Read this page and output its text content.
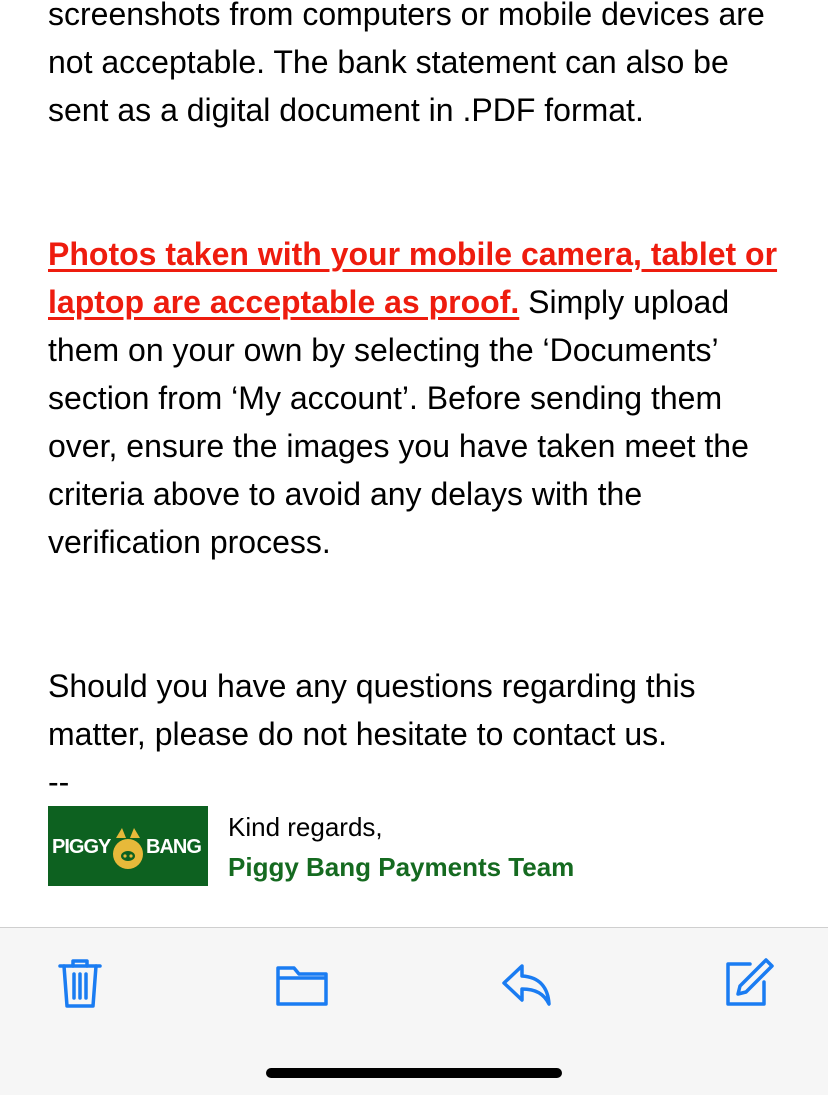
screenshots from computers or mobile devices are not acceptable. The bank statement can also be sent as a digital document in .PDF format.

Photos taken with your mobile camera, tablet or laptop are acceptable as proof. Simply upload them on your own by selecting the ‘Documents’ section from ‘My account’. Before sending them over, ensure the images you have taken meet the criteria above to avoid any delays with the verification process.

Should you have any questions regarding this matter, please do not hesitate to contact us.

--
PIGGY BANG
Kind regards,
Piggy Bang Payments Team
